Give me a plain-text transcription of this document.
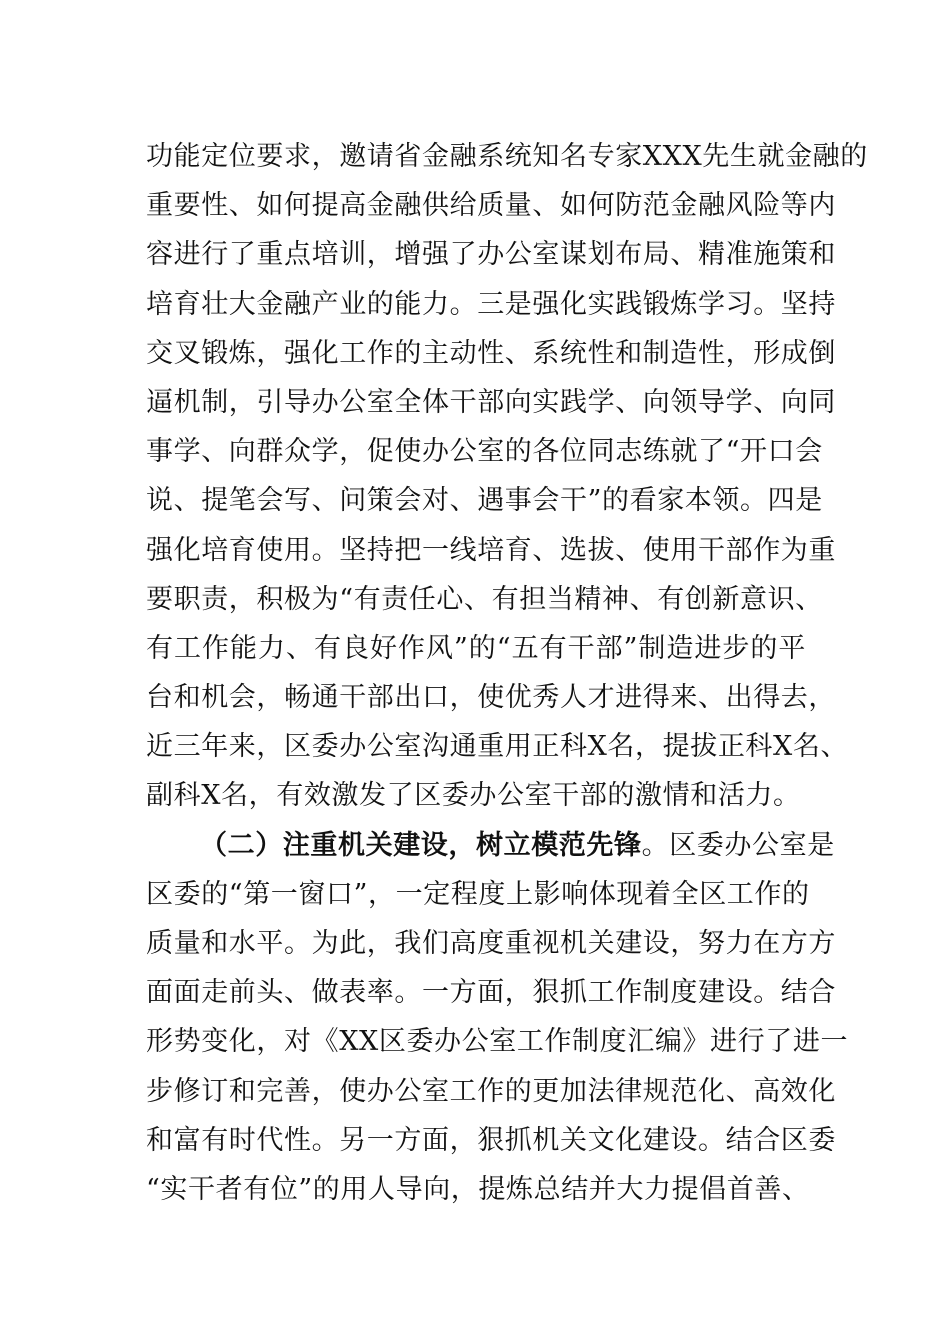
功能定位要求，邀请省金融系统知名专家XXX先生就金融的
重要性、如何提高金融供给质量、如何防范金融风险等内
容进行了重点培训，增强了办公室谋划布局、精准施策和
培育壮大金融产业的能力。三是强化实践锻炼学习。坚持
交叉锻炼，强化工作的主动性、系统性和制造性，形成倒
逼机制，引导办公室全体干部向实践学、向领导学、向同
事学、向群众学，促使办公室的各位同志练就了“开口会
说、提笔会写、问策会对、遇事会干”的看家本领。四是
强化培育使用。坚持把一线培育、选拔、使用干部作为重
要职责，积极为“有责任心、有担当精神、有创新意识、
有工作能力、有良好作风”的“五有干部”制造进步的平
台和机会，畅通干部出口，使优秀人才进得来、出得去，
近三年来，区委办公室沟通重用正科X名，提拔正科X名、
副科X名，有效激发了区委办公室干部的激情和活力。
（二）注重机关建设，树立模范先锋。区委办公室是
区委的“第一窗口”，一定程度上影响体现着全区工作的
质量和水平。为此，我们高度重视机关建设，努力在方方
面面走前头、做表率。一方面，狠抓工作制度建设。结合
形势变化，对《XX区委办公室工作制度汇编》进行了进一
步修订和完善，使办公室工作的更加法律规范化、高效化
和富有时代性。另一方面，狠抓机关文化建设。结合区委
“实干者有位”的用人导向，提炼总结并大力提倡首善、
